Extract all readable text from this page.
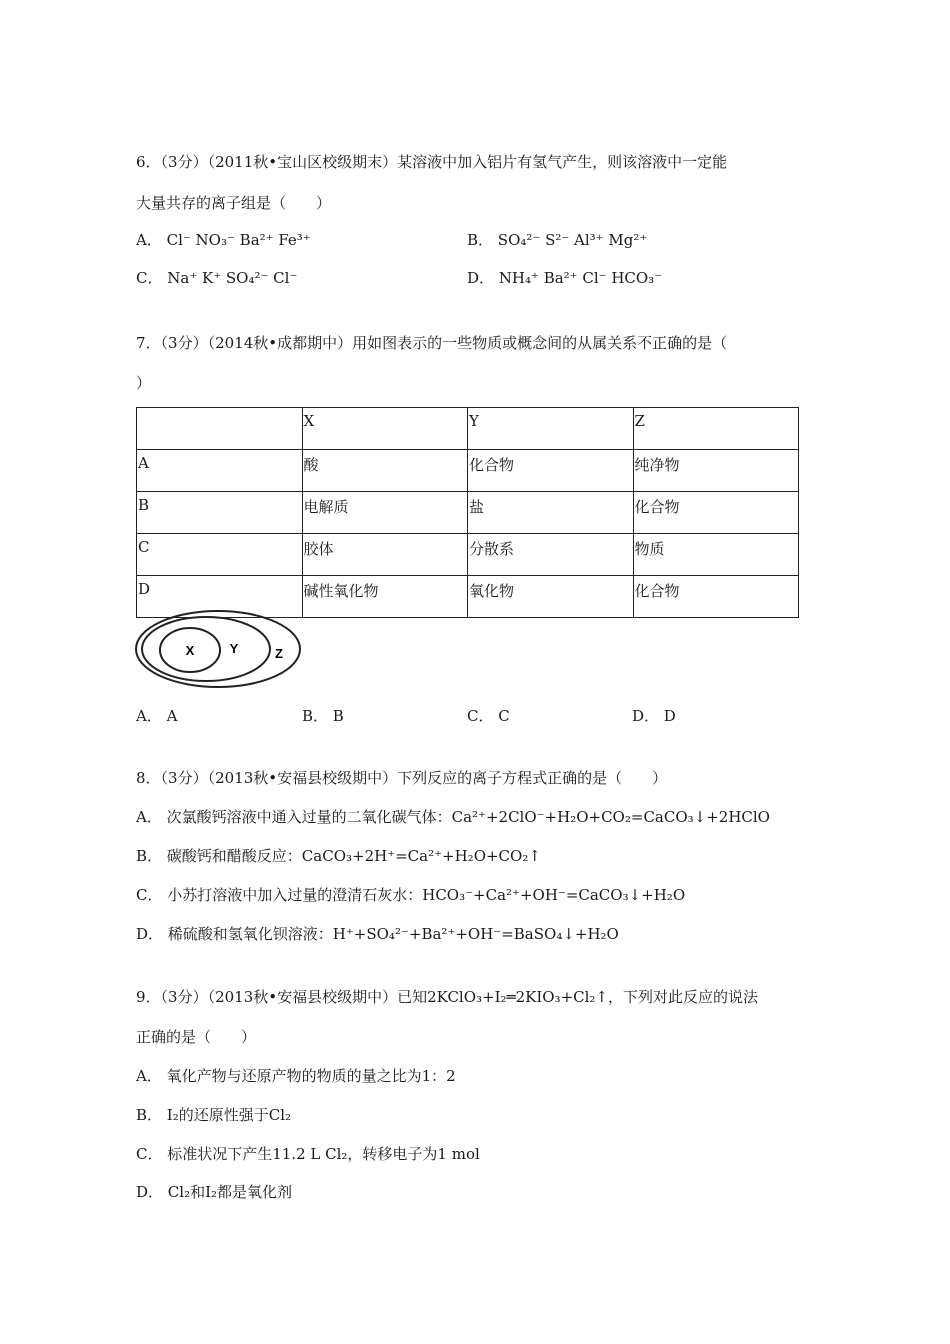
6．（3分）（2011秋•宝山区校级期末）某溶液中加入铝片有氢气产生，则该溶液中一定能
大量共存的离子组是（　　）
A． Cl⁻ NO₃⁻ Ba²⁺ Fe³⁺	B． SO₄²⁻ S²⁻ Al³⁺ Mg²⁺
C． Na⁺ K⁺ SO₄²⁻ Cl⁻	D． NH₄⁺ Ba²⁺ Cl⁻ HCO₃⁻
7．（3分）（2014秋•成都期中）用如图表示的一些物质或概念间的从属关系不正确的是（
）
	X	Y	Z
A	酸	化合物	纯净物
B	电解质	盐	化合物
C	胶体	分散系	物质
D	碱性氧化物	氧化物	化合物
X	Y	Z
A． A	B． B	C． C	D． D
8．（3分）（2013秋•安福县校级期中）下列反应的离子方程式正确的是（　　）
A． 次氯酸钙溶液中通入过量的二氧化碳气体：Ca²⁺+2ClO⁻+H₂O+CO₂=CaCO₃↓+2HClO
B． 碳酸钙和醋酸反应：CaCO₃+2H⁺=Ca²⁺+H₂O+CO₂↑
C． 小苏打溶液中加入过量的澄清石灰水：HCO₃⁻+Ca²⁺+OH⁻=CaCO₃↓+H₂O
D． 稀硫酸和氢氧化钡溶液：H⁺+SO₄²⁻+Ba²⁺+OH⁻=BaSO₄↓+H₂O
9．（3分）（2013秋•安福县校级期中）已知2KClO₃+I₂═2KIO₃+Cl₂↑，下列对此反应的说法
正确的是（　　）
A． 氧化产物与还原产物的物质的量之比为1：2
B． I₂的还原性强于Cl₂
C． 标准状况下产生11.2 L Cl₂，转移电子为1 mol
D． Cl₂和I₂都是氧化剂
